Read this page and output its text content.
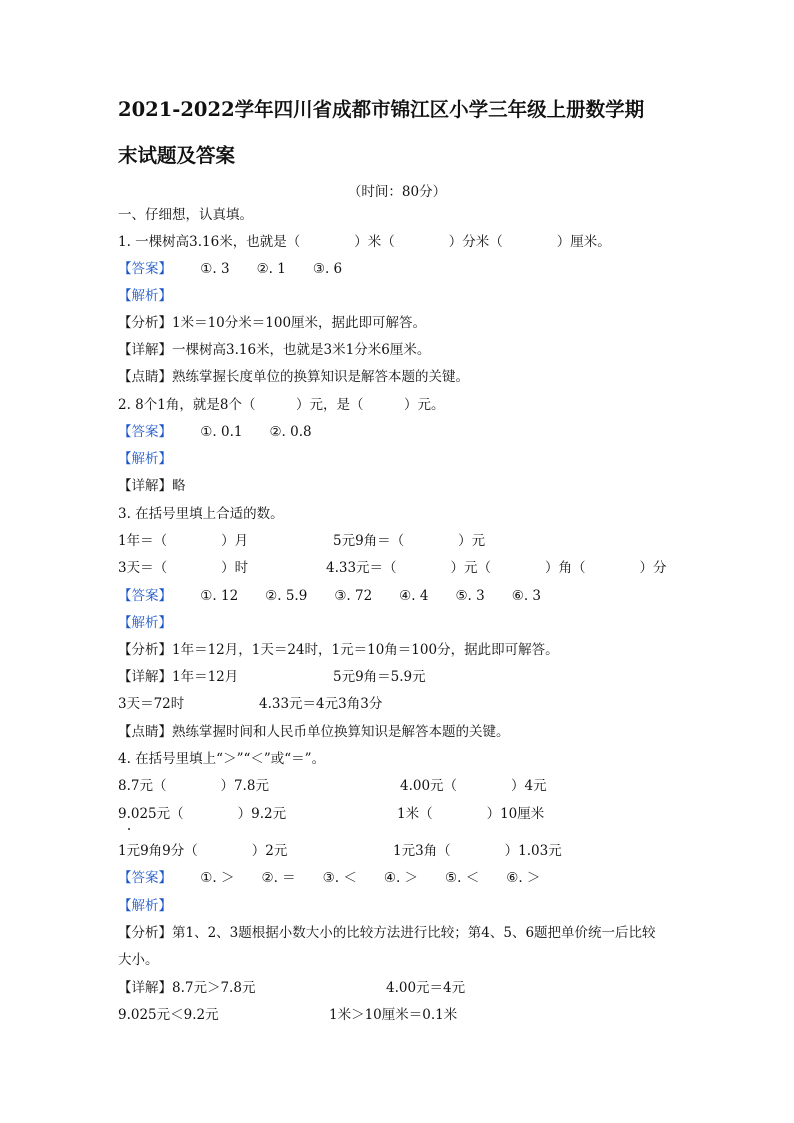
2021-2022学年四川省成都市锦江区小学三年级上册数学期
末试题及答案
（时间：80分）
一、仔细想，认真填。
1. 一棵树高3.16米，也就是（　　　　）米（　　　　）分米（　　　　）厘米。
【答案】 ①. 3　　②. 1　　③. 6
【解析】
【分析】1米＝10分米＝100厘米，据此即可解答。
【详解】一棵树高3.16米，也就是3米1分米6厘米。
【点睛】熟练掌握长度单位的换算知识是解答本题的关键。
2. 8个1角，就是8个（　　　）元，是（　　　）元。
【答案】 ①. 0.1　　②. 0.8
【解析】
【详解】略
3. 在括号里填上合适的数。
1年＝（　　　　）月	5元9角＝（　　　　）元
3天＝（　　　　）时	4.33元＝（　　　　）元（　　　　）角（　　　　）分
【答案】 ①. 12　　②. 5.9　　③. 72　　④. 4　　⑤. 3　　⑥. 3
【解析】
【分析】1年＝12月，1天＝24时，1元＝10角＝100分，据此即可解答。
【详解】1年＝12月	5元9角＝5.9元
3天＝72时	4.33元＝4元3角3分
【点睛】熟练掌握时间和人民币单位换算知识是解答本题的关键。
4. 在括号里填上“＞”“＜”或“＝”。
8.7元（　　　　）7.8元	4.00元（　　　　）4元
9.025元（　　　　）9.2元	1米（　　　　）10厘米
1元9角9分（　　　　）2元	1元3角（　　　　）1.03元
【答案】 ①. ＞　　②. ＝　　③. ＜　　④. ＞　　⑤. ＜　　⑥. ＞
【解析】
【分析】第1、2、3题根据小数大小的比较方法进行比较；第4、5、6题把单价统一后比较
大小。
【详解】8.7元＞7.8元	4.00元＝4元
9.025元＜9.2元	1米＞10厘米＝0.1米
